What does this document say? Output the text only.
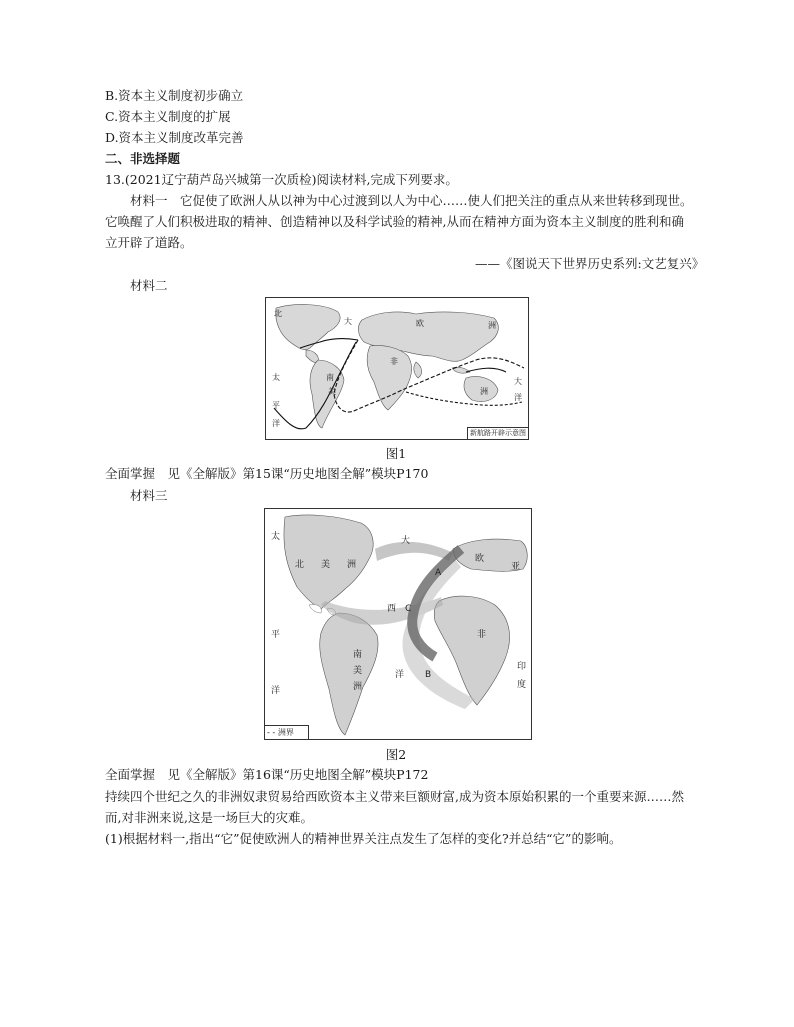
B.资本主义制度初步确立
C.资本主义制度的扩展
D.资本主义制度改革完善
二、非选择题
13.(2021辽宁葫芦岛兴城第一次质检)阅读材料,完成下列要求。
材料一　它促使了欧洲人从以神为中心过渡到以人为中心……使人们把关注的重点从来世转移到现世。
它唤醒了人们积极进取的精神、创造精神以及科学试验的精神,从而在精神方面为资本主义制度的胜利和确
立开辟了道路。
——《图说天下世界历史系列:文艺复兴》
材料二
北
大	欧	洲
非
南
美
太
平
洋
大
洋
洲
新航路开辟示意图
图1
全面掌握　见《全解版》第15课“历史地图全解”模块P170
材料三
北 美 洲
太
平
洋
大
西
洋
欧
亚
非
印
度
南
美
洲
A
B
C
‐ ‐ 洲界
图2
全面掌握　见《全解版》第16课“历史地图全解”模块P172
持续四个世纪之久的非洲奴隶贸易给西欧资本主义带来巨额财富,成为资本原始积累的一个重要来源……然
而,对非洲来说,这是一场巨大的灾难。
(1)根据材料一,指出“它”促使欧洲人的精神世界关注点发生了怎样的变化?并总结“它”的影响。
